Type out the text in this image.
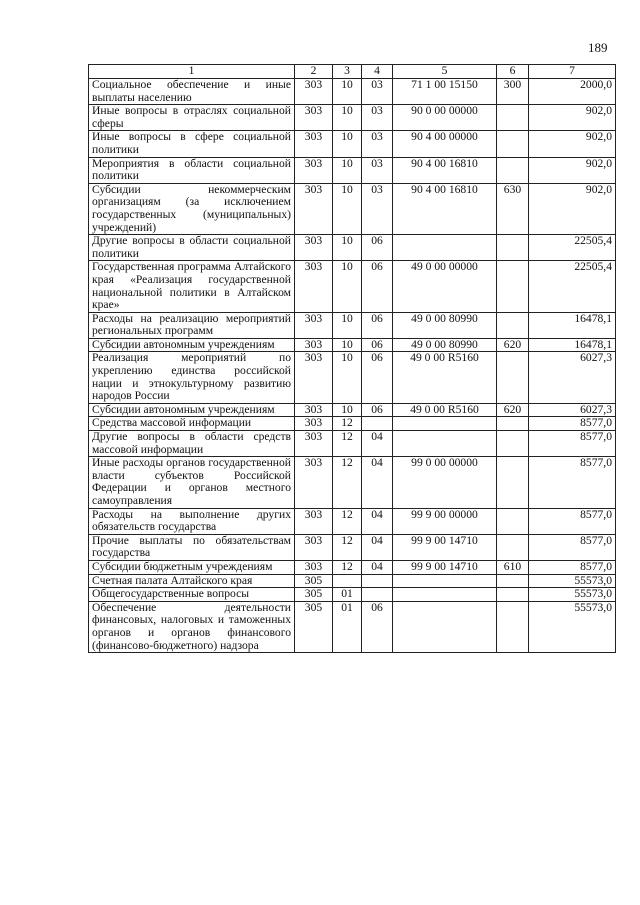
189
1	2	3	4	5	6	7
Социальное обеспечение и иные выплаты населению	303	10	03	71 1 00 15150	300	2000,0
Иные вопросы в отраслях социальной сферы	303	10	03	90 0 00 00000		902,0
Иные вопросы в сфере социальной политики	303	10	03	90 4 00 00000		902,0
Мероприятия в области социальной политики	303	10	03	90 4 00 16810		902,0
Субсидии некоммерческим организациям (за исключением государственных (муниципальных) учреждений)	303	10	03	90 4 00 16810	630	902,0
Другие вопросы в области социальной политики	303	10	06			22505,4
Государственная программа Алтайского края «Реализация государственной национальной политики в Алтайском крае»	303	10	06	49 0 00 00000		22505,4
Расходы на реализацию мероприятий региональных программ	303	10	06	49 0 00 80990		16478,1
Субсидии автономным учреждениям	303	10	06	49 0 00 80990	620	16478,1
Реализация мероприятий по укреплению единства российской нации и этнокультурному развитию народов России	303	10	06	49 0 00 R5160		6027,3
Субсидии автономным учреждениям	303	10	06	49 0 00 R5160	620	6027,3
Средства массовой информации	303	12				8577,0
Другие вопросы в области средств массовой информации	303	12	04			8577,0
Иные расходы органов государственной власти субъектов Российской Федерации и органов местного самоуправления	303	12	04	99 0 00 00000		8577,0
Расходы на выполнение других обязательств государства	303	12	04	99 9 00 00000		8577,0
Прочие выплаты по обязательствам государства	303	12	04	99 9 00 14710		8577,0
Субсидии бюджетным учреждениям	303	12	04	99 9 00 14710	610	8577,0
Счетная палата Алтайского края	305					55573,0
Общегосударственные вопросы	305	01				55573,0
Обеспечение деятельности финансовых, налоговых и таможенных органов и органов финансового (финансово-бюджетного) надзора	305	01	06			55573,0
